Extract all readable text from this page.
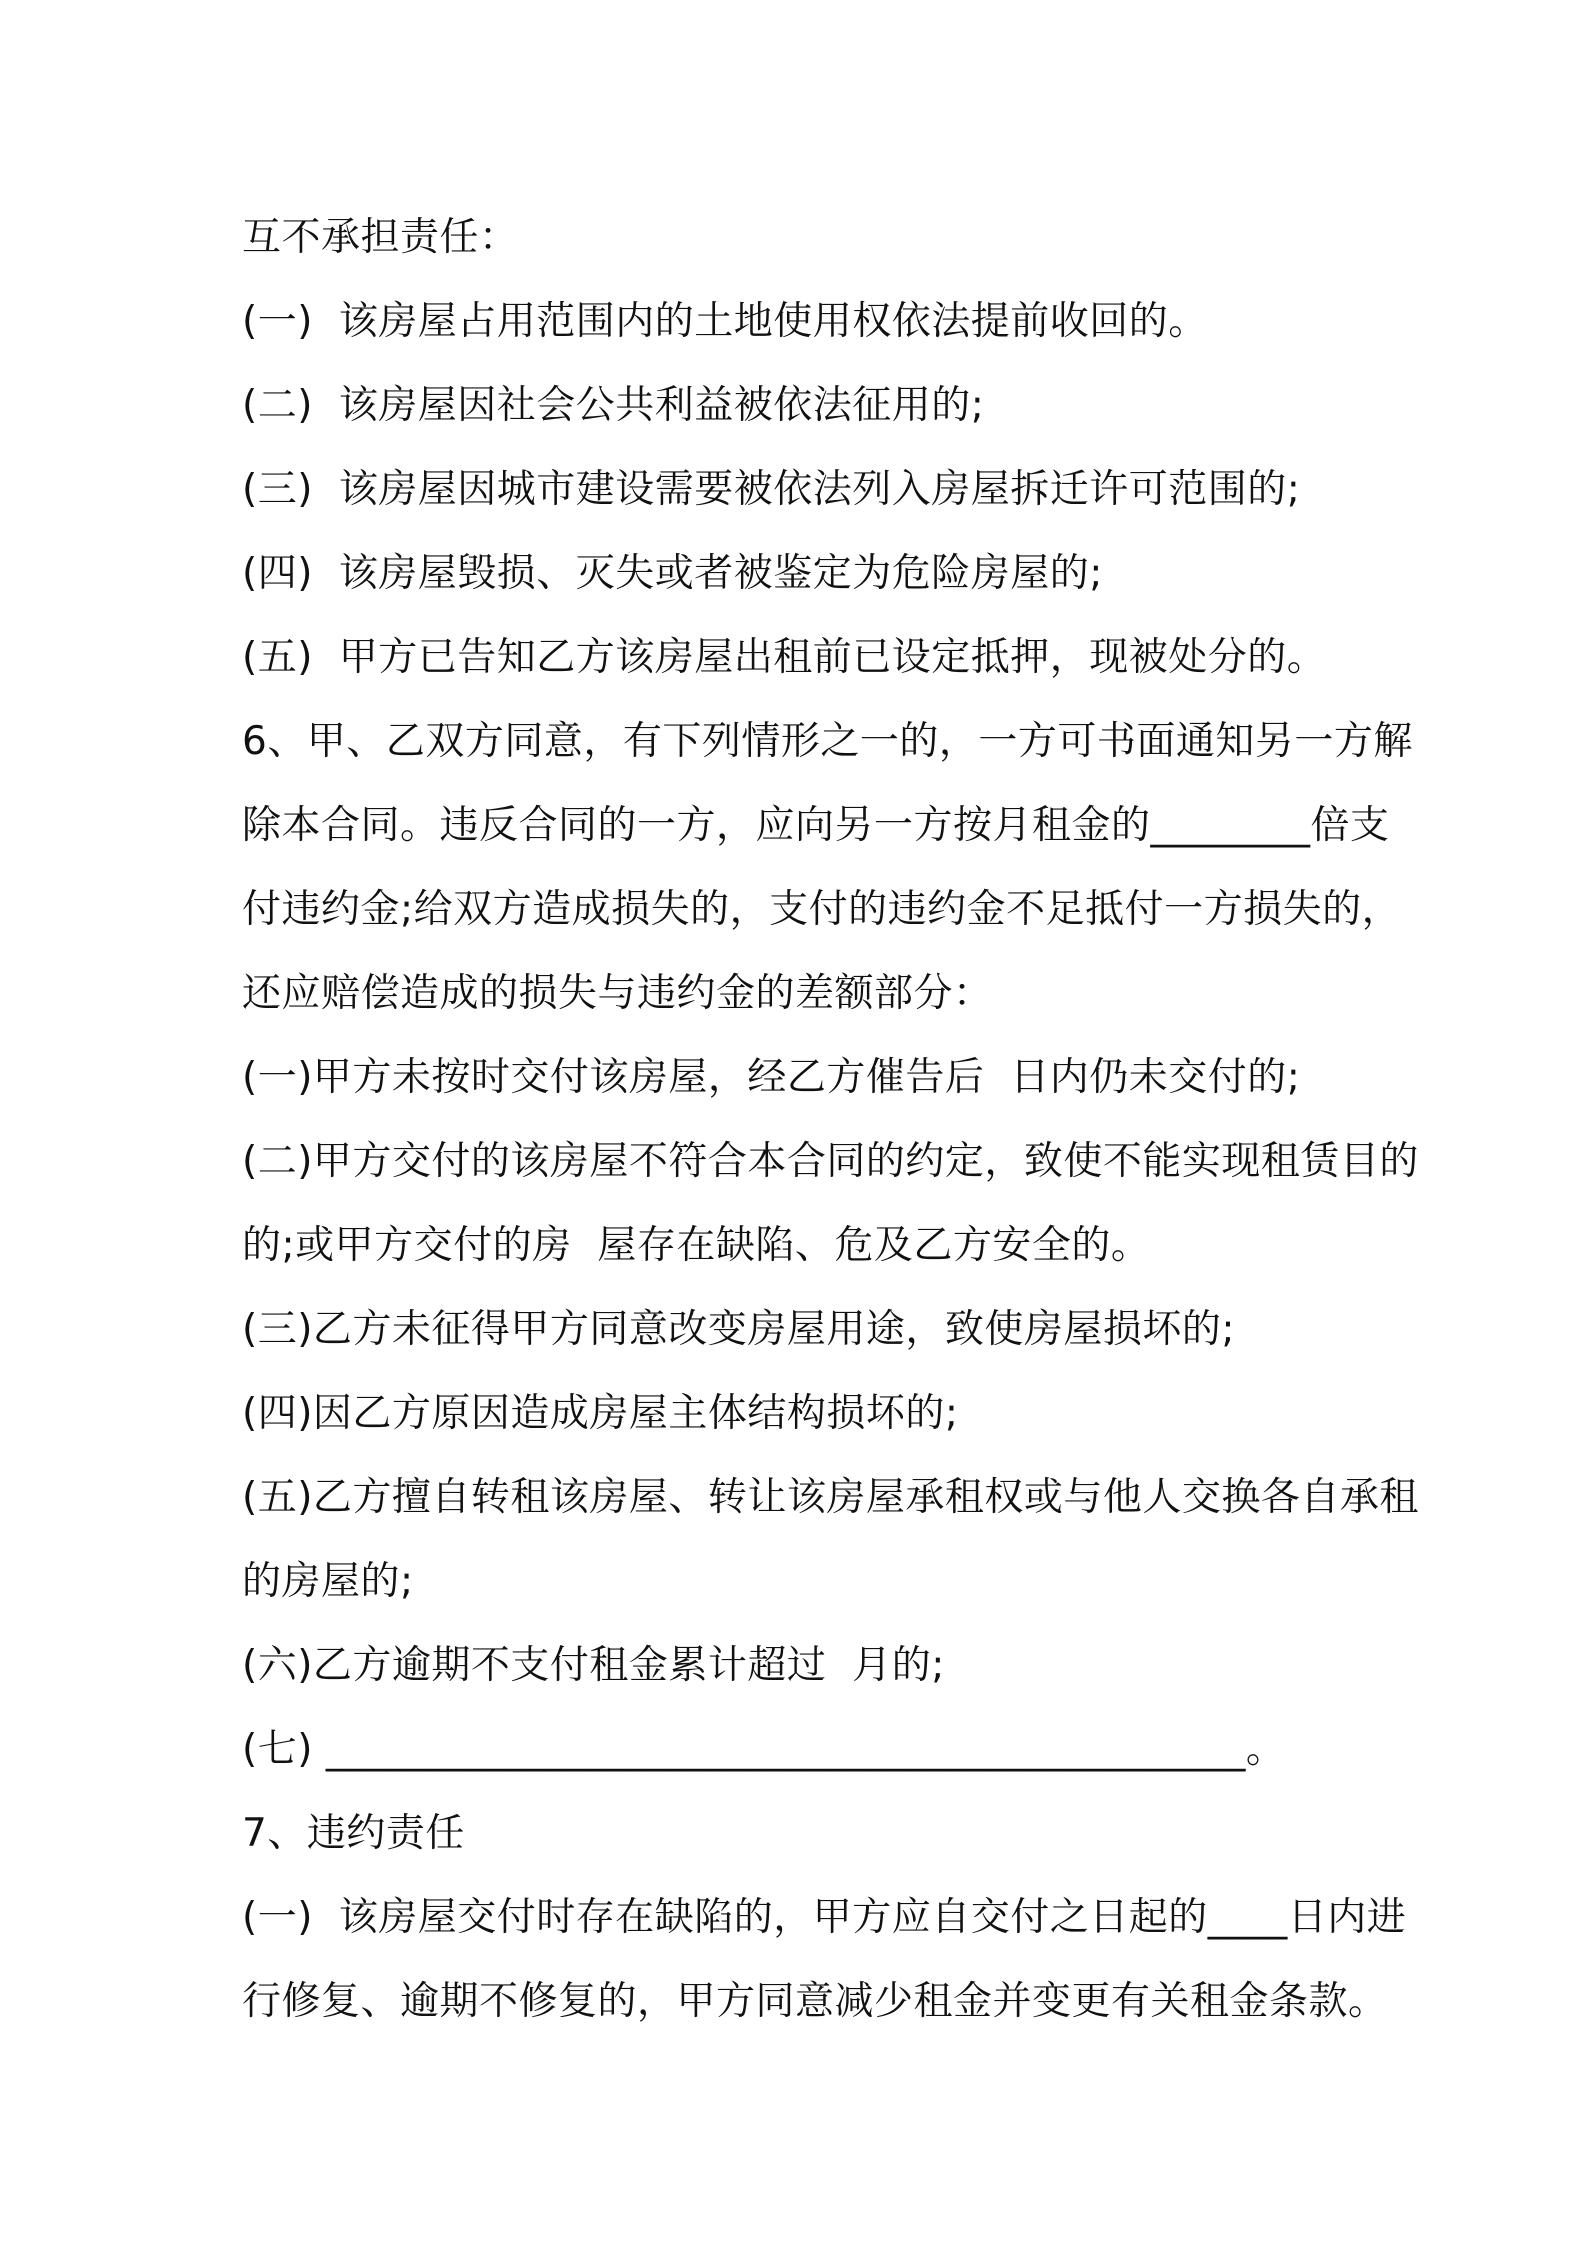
互不承担责任：
(一)  该房屋占用范围内的土地使用权依法提前收回的。
(二)  该房屋因社会公共利益被依法征用的;
(三)  该房屋因城市建设需要被依法列入房屋拆迁许可范围的;
(四)  该房屋毁损、灭失或者被鉴定为危险房屋的;
(五)  甲方已告知乙方该房屋出租前已设定抵押，现被处分的。
6、甲、乙双方同意，有下列情形之一的，一方可书面通知另一方解
除本合同。违反合同的一方，应向另一方按月租金的________倍支
付违约金;给双方造成损失的，支付的违约金不足抵付一方损失的，
还应赔偿造成的损失与违约金的差额部分：
(一)甲方未按时交付该房屋，经乙方催告后  日内仍未交付的;
(二)甲方交付的该房屋不符合本合同的约定，致使不能实现租赁目的
的;或甲方交付的房  屋存在缺陷、危及乙方安全的。
(三)乙方未征得甲方同意改变房屋用途，致使房屋损坏的;
(四)因乙方原因造成房屋主体结构损坏的;
(五)乙方擅自转租该房屋、转让该房屋承租权或与他人交换各自承租
的房屋的;
(六)乙方逾期不支付租金累计超过  月的;
(七) ______________________________________________。
7、违约责任
(一)  该房屋交付时存在缺陷的，甲方应自交付之日起的____日内进
行修复、逾期不修复的，甲方同意减少租金并变更有关租金条款。
